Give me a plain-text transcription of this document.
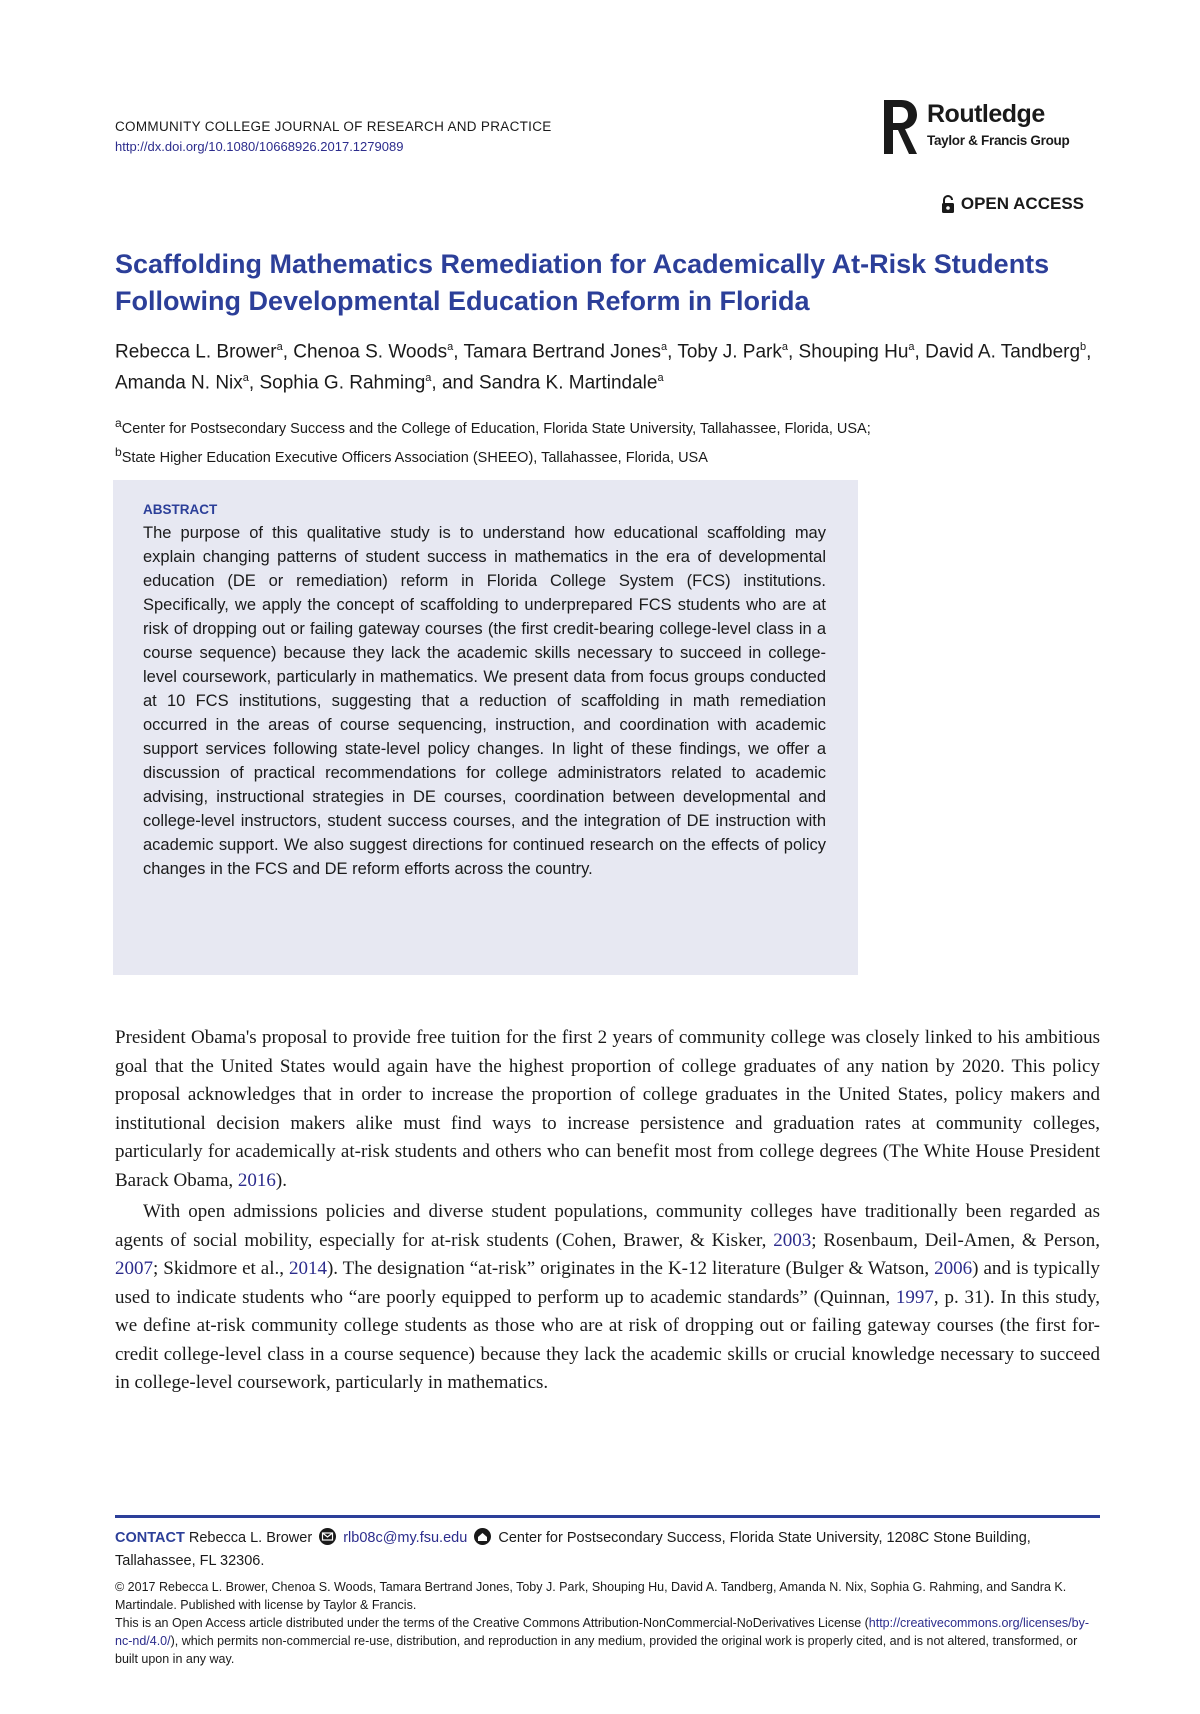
COMMUNITY COLLEGE JOURNAL OF RESEARCH AND PRACTICE
http://dx.doi.org/10.1080/10668926.2017.1279089
Routledge
Taylor & Francis Group
OPEN ACCESS
Scaffolding Mathematics Remediation for Academically At-Risk Students Following Developmental Education Reform in Florida
Rebecca L. Brower$^a$, Chenoa S. Woods$^a$, Tamara Bertrand Jones$^a$, Toby J. Park$^a$, Shouping Hu$^a$, David A. Tandberg$^b$, Amanda N. Nix$^a$, Sophia G. Rahming$^a$, and Sandra K. Martindale$^a$
$^a$Center for Postsecondary Success and the College of Education, Florida State University, Tallahassee, Florida, USA;
$^b$State Higher Education Executive Officers Association (SHEEO), Tallahassee, Florida, USA
ABSTRACT

The purpose of this qualitative study is to understand how educational scaffolding may explain changing patterns of student success in mathematics in the era of developmental education (DE or remediation) reform in Florida College System (FCS) institutions. Specifically, we apply the concept of scaffolding to underprepared FCS students who are at risk of dropping out or failing gateway courses (the first credit-bearing college-level class in a course sequence) because they lack the academic skills necessary to succeed in college-level coursework, particularly in mathematics. We present data from focus groups conducted at 10 FCS institutions, suggesting that a reduction of scaffolding in math remediation occurred in the areas of course sequencing, instruction, and coordination with academic support services following state-level policy changes. In light of these findings, we offer a discussion of practical recommendations for college administrators related to academic advising, instructional strategies in DE courses, coordination between developmental and college-level instructors, student success courses, and the integration of DE instruction with academic support. We also suggest directions for continued research on the effects of policy changes in the FCS and DE reform efforts across the country.

President Obama's proposal to provide free tuition for the first 2 years of community college was closely linked to his ambitious goal that the United States would again have the highest proportion of college graduates of any nation by 2020. This policy proposal acknowledges that in order to increase the proportion of college graduates in the United States, policy makers and institutional decision makers alike must find ways to increase persistence and graduation rates at community colleges, particularly for academically at-risk students and others who can benefit most from college degrees (The White House President Barack Obama, 2016).

With open admissions policies and diverse student populations, community colleges have traditionally been regarded as agents of social mobility, especially for at-risk students (Cohen, Brawer, & Kisker, 2003; Rosenbaum, Deil-Amen, & Person, 2007; Skidmore et al., 2014). The designation “at-risk” originates in the K-12 literature (Bulger & Watson, 2006) and is typically used to indicate students who “are poorly equipped to perform up to academic standards” (Quinnan, 1997, p. 31). In this study, we define at-risk community college students as those who are at risk of dropping out or failing gateway courses (the first for-credit college-level class in a course sequence) because they lack the academic skills or crucial knowledge necessary to succeed in college-level coursework, particularly in mathematics.

CONTACT Rebecca L. Brower rlb08c@my.fsu.edu Center for Postsecondary Success, Florida State University, 1208C Stone Building, Tallahassee, FL 32306.

© 2017 Rebecca L. Brower, Chenoa S. Woods, Tamara Bertrand Jones, Toby J. Park, Shouping Hu, David A. Tandberg, Amanda N. Nix, Sophia G. Rahming, and Sandra K. Martindale. Published with license by Taylor & Francis.

This is an Open Access article distributed under the terms of the Creative Commons Attribution-NonCommercial-NoDerivatives License (http://creativecommons.org/licenses/by-nc-nd/4.0/), which permits non-commercial re-use, distribution, and reproduction in any medium, provided the original work is properly cited, and is not altered, transformed, or built upon in any way.
